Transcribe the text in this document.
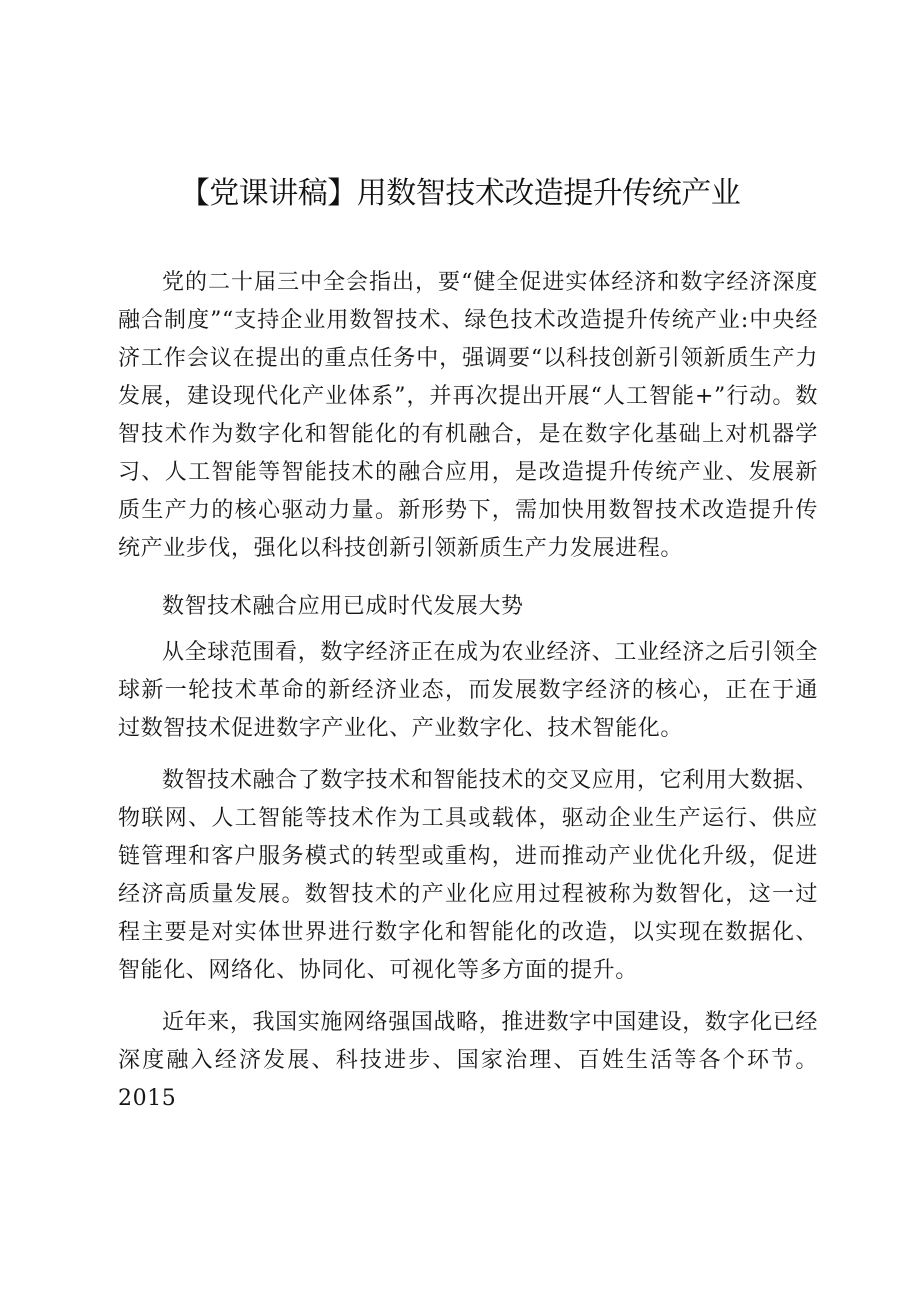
【党课讲稿】用数智技术改造提升传统产业

党的二十届三中全会指出，要“健全促进实体经济和数字经济深度融合制度”“支持企业用数智技术、绿色技术改造提升传统产业:中央经济工作会议在提出的重点任务中，强调要“以科技创新引领新质生产力发展，建设现代化产业体系”，并再次提出开展“人工智能+”行动。数智技术作为数字化和智能化的有机融合，是在数字化基础上对机器学习、人工智能等智能技术的融合应用，是改造提升传统产业、发展新质生产力的核心驱动力量。新形势下，需加快用数智技术改造提升传统产业步伐，强化以科技创新引领新质生产力发展进程。

数智技术融合应用已成时代发展大势

从全球范围看，数字经济正在成为农业经济、工业经济之后引领全球新一轮技术革命的新经济业态，而发展数字经济的核心，正在于通过数智技术促进数字产业化、产业数字化、技术智能化。

数智技术融合了数字技术和智能技术的交叉应用，它利用大数据、物联网、人工智能等技术作为工具或载体，驱动企业生产运行、供应链管理和客户服务模式的转型或重构，进而推动产业优化升级，促进经济高质量发展。数智技术的产业化应用过程被称为数智化，这一过程主要是对实体世界进行数字化和智能化的改造，以实现在数据化、智能化、网络化、协同化、可视化等多方面的提升。

近年来，我国实施网络强国战略，推进数字中国建设，数字化已经深度融入经济发展、科技进步、国家治理、百姓生活等各个环节。2015
